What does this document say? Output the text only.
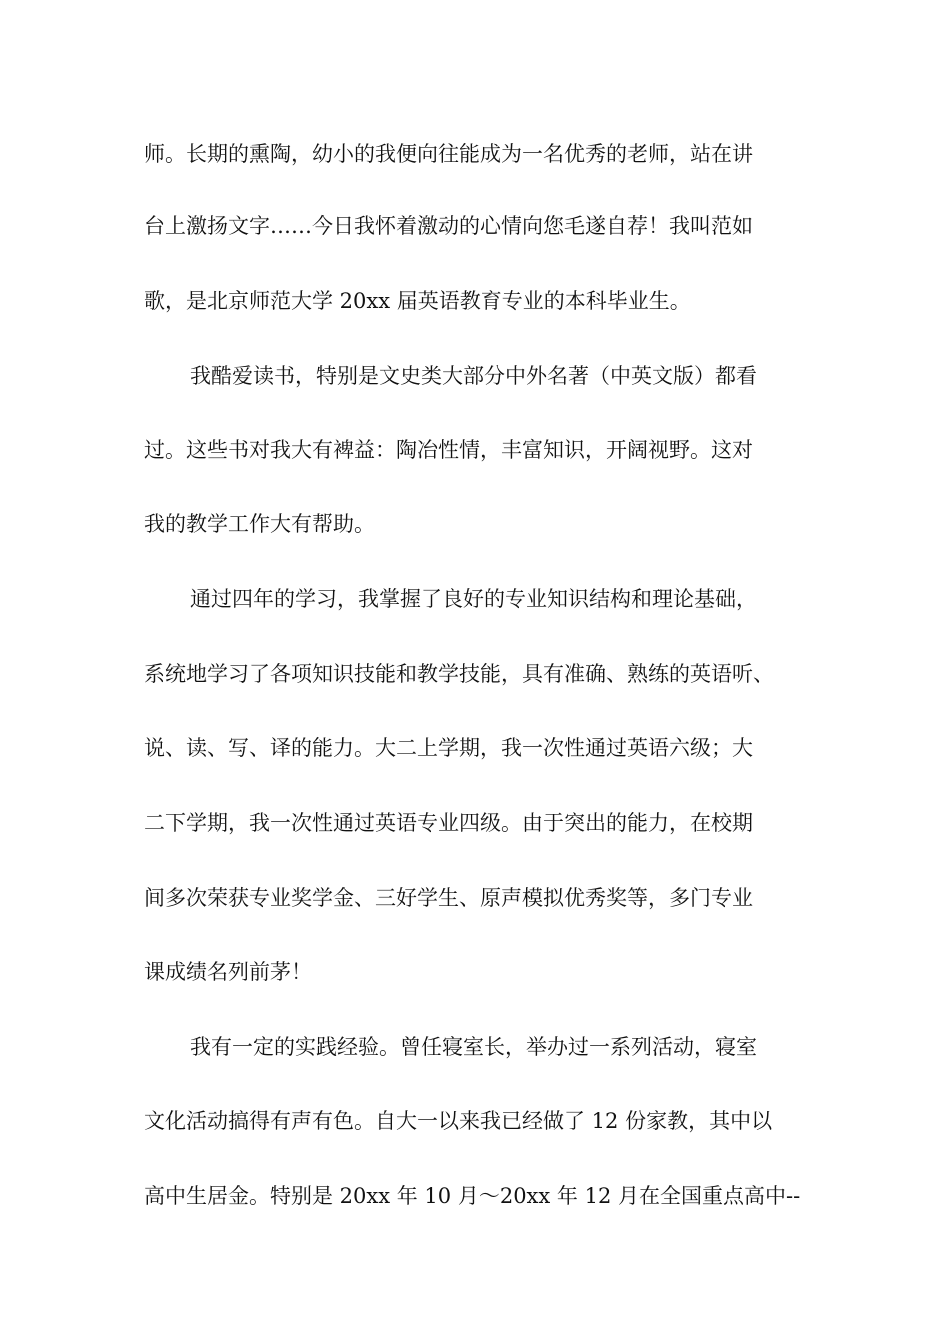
师。长期的熏陶，幼小的我便向往能成为一名优秀的老师，站在讲
台上激扬文字……今日我怀着激动的心情向您毛遂自荐！我叫范如
歌，是北京师范大学 20xx 届英语教育专业的本科毕业生。
我酷爱读书，特别是文史类大部分中外名著（中英文版）都看
过。这些书对我大有裨益：陶冶性情，丰富知识，开阔视野。这对
我的教学工作大有帮助。
通过四年的学习，我掌握了良好的专业知识结构和理论基础，
系统地学习了各项知识技能和教学技能，具有准确、熟练的英语听、
说、读、写、译的能力。大二上学期，我一次性通过英语六级；大
二下学期，我一次性通过英语专业四级。由于突出的能力，在校期
间多次荣获专业奖学金、三好学生、原声模拟优秀奖等，多门专业
课成绩名列前茅！
我有一定的实践经验。曾任寝室长，举办过一系列活动，寝室
文化活动搞得有声有色。自大一以来我已经做了 12 份家教，其中以
高中生居金。特别是 20xx 年 10 月～20xx 年 12 月在全国重点高中--
